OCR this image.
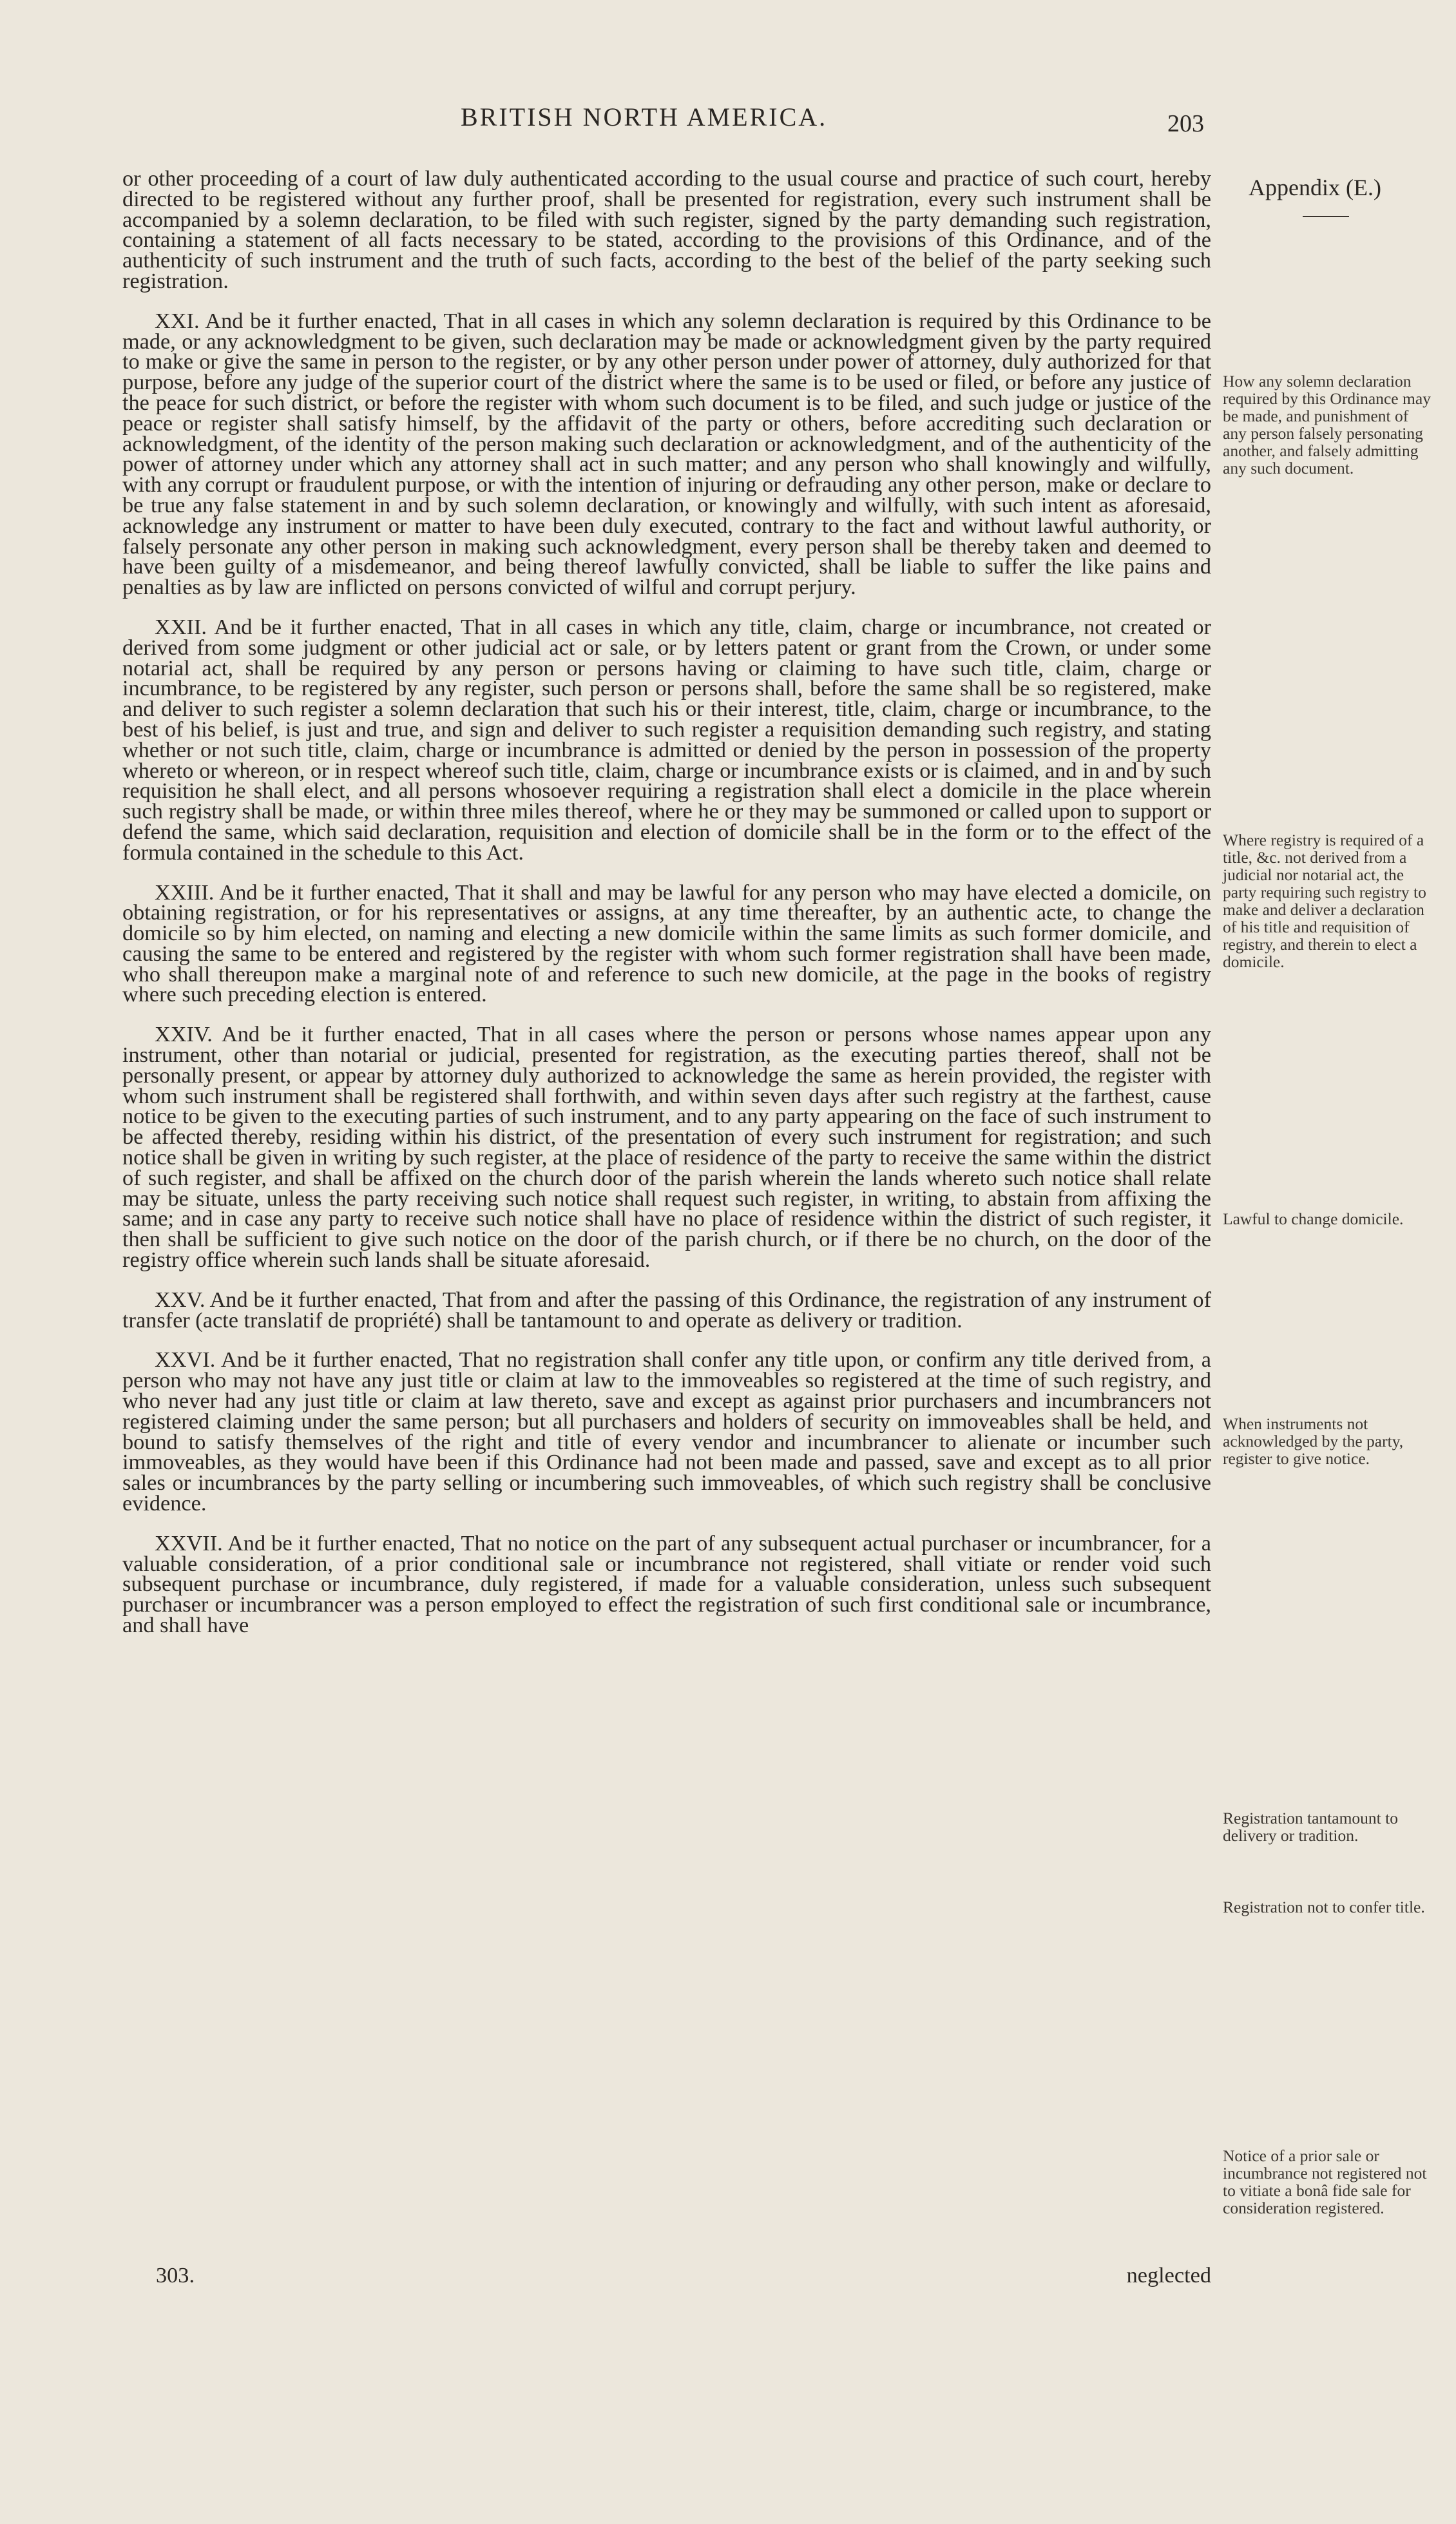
BRITISH NORTH AMERICA.	203
Appendix (E.)

or other proceeding of a court of law duly authenticated according to the usual course and practice of such court, hereby directed to be registered without any further proof, shall be presented for registration, every such instrument shall be accompanied by a solemn declaration, to be filed with such register, signed by the party demanding such registration, containing a statement of all facts necessary to be stated, according to the provisions of this Ordinance, and of the authenticity of such instrument and the truth of such facts, according to the best of the belief of the party seeking such registration.

XXI. And be it further enacted, That in all cases in which any solemn declaration is required by this Ordinance to be made, or any acknowledgment to be given, such declaration may be made or acknowledgment given by the party required to make or give the same in person to the register, or by any other person under power of attorney, duly authorized for that purpose, before any judge of the superior court of the district where the same is to be used or filed, or before any justice of the peace for such district, or before the register with whom such document is to be filed, and such judge or justice of the peace or register shall satisfy himself, by the affidavit of the party or others, before accrediting such declaration or acknowledgment, of the identity of the person making such declaration or acknowledgment, and of the authenticity of the power of attorney under which any attorney shall act in such matter; and any person who shall knowingly and wilfully, with any corrupt or fraudulent purpose, or with the intention of injuring or defrauding any other person, make or declare to be true any false statement in and by such solemn declaration, or knowingly and wilfully, with such intent as aforesaid, acknowledge any instrument or matter to have been duly executed, contrary to the fact and without lawful authority, or falsely personate any other person in making such acknowledgment, every person shall be thereby taken and deemed to have been guilty of a misdemeanor, and being thereof lawfully convicted, shall be liable to suffer the like pains and penalties as by law are inflicted on persons convicted of wilful and corrupt perjury.

XXII. And be it further enacted, That in all cases in which any title, claim, charge or incumbrance, not created or derived from some judgment or other judicial act or sale, or by letters patent or grant from the Crown, or under some notarial act, shall be required by any person or persons having or claiming to have such title, claim, charge or incumbrance, to be registered by any register, such person or persons shall, before the same shall be so registered, make and deliver to such register a solemn declaration that such his or their interest, title, claim, charge or incumbrance, to the best of his belief, is just and true, and sign and deliver to such register a requisition demanding such registry, and stating whether or not such title, claim, charge or incumbrance is admitted or denied by the person in possession of the property whereto or whereon, or in respect whereof such title, claim, charge or incumbrance exists or is claimed, and in and by such requisition he shall elect, and all persons whosoever requiring a registration shall elect a domicile in the place wherein such registry shall be made, or within three miles thereof, where he or they may be summoned or called upon to support or defend the same, which said declaration, requisition and election of domicile shall be in the form or to the effect of the formula contained in the schedule to this Act.

XXIII. And be it further enacted, That it shall and may be lawful for any person who may have elected a domicile, on obtaining registration, or for his representatives or assigns, at any time thereafter, by an authentic acte, to change the domicile so by him elected, on naming and electing a new domicile within the same limits as such former domicile, and causing the same to be entered and registered by the register with whom such former registration shall have been made, who shall thereupon make a marginal note of and reference to such new domicile, at the page in the books of registry where such preceding election is entered.

XXIV. And be it further enacted, That in all cases where the person or persons whose names appear upon any instrument, other than notarial or judicial, presented for registration, as the executing parties thereof, shall not be personally present, or appear by attorney duly authorized to acknowledge the same as herein provided, the register with whom such instrument shall be registered shall forthwith, and within seven days after such registry at the farthest, cause notice to be given to the executing parties of such instrument, and to any party appearing on the face of such instrument to be affected thereby, residing within his district, of the presentation of every such instrument for registration; and such notice shall be given in writing by such register, at the place of residence of the party to receive the same within the district of such register, and shall be affixed on the church door of the parish wherein the lands whereto such notice shall relate may be situate, unless the party receiving such notice shall request such register, in writing, to abstain from affixing the same; and in case any party to receive such notice shall have no place of residence within the district of such register, it then shall be sufficient to give such notice on the door of the parish church, or if there be no church, on the door of the registry office wherein such lands shall be situate aforesaid.

XXV. And be it further enacted, That from and after the passing of this Ordinance, the registration of any instrument of transfer (acte translatif de propriété) shall be tantamount to and operate as delivery or tradition.

XXVI. And be it further enacted, That no registration shall confer any title upon, or confirm any title derived from, a person who may not have any just title or claim at law to the immoveables so registered at the time of such registry, and who never had any just title or claim at law thereto, save and except as against prior purchasers and incumbrancers not registered claiming under the same person; but all purchasers and holders of security on immoveables shall be held, and bound to satisfy themselves of the right and title of every vendor and incumbrancer to alienate or incumber such immoveables, as they would have been if this Ordinance had not been made and passed, save and except as to all prior sales or incumbrances by the party selling or incumbering such immoveables, of which such registry shall be conclusive evidence.

XXVII. And be it further enacted, That no notice on the part of any subsequent actual purchaser or incumbrancer, for a valuable consideration, of a prior conditional sale or incumbrance not registered, shall vitiate or render void such subsequent purchase or incumbrance, duly registered, if made for a valuable consideration, unless such subsequent purchaser or incumbrancer was a person employed to effect the registration of such first conditional sale or incumbrance, and shall have

How any solemn declaration required by this Ordinance may be made, and punishment of any person falsely personating another, and falsely admitting any such document.
Where registry is required of a title, &c. not derived from a judicial nor notarial act, the party requiring such registry to make and deliver a declaration of his title and requisition of registry, and therein to elect a domicile.
Lawful to change domicile.
When instruments not acknowledged by the party, register to give notice.
Registration tantamount to delivery or tradition.
Registration not to confer title.
Notice of a prior sale or incumbrance not registered not to vitiate a bonâ fide sale for consideration registered.
303.	neglected
